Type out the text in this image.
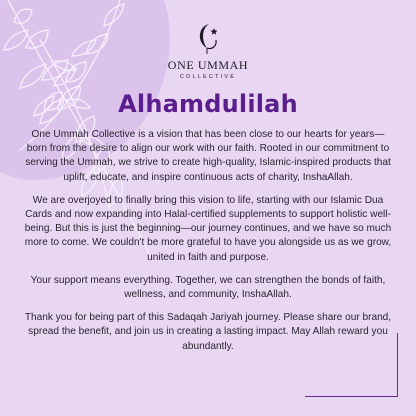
ONE UMMAH
COLLECTIVE
Alhamdulilah

One Ummah Collective is a vision that has been close to our hearts for years—born from the desire to align our work with our faith. Rooted in our commitment to serving the Ummah, we strive to create high-quality, Islamic-inspired products that uplift, educate, and inspire continuous acts of charity, InshaAllah.

We are overjoyed to finally bring this vision to life, starting with our Islamic Dua Cards and now expanding into Halal-certified supplements to support holistic well-being. But this is just the beginning—our journey continues, and we have so much more to come. We couldn't be more grateful to have you alongside us as we grow, united in faith and purpose.

Your support means everything. Together, we can strengthen the bonds of faith, wellness, and community, InshaAllah.

Thank you for being part of this Sadaqah Jariyah journey. Please share our brand, spread the benefit, and join us in creating a lasting impact. May Allah reward you abundantly.
